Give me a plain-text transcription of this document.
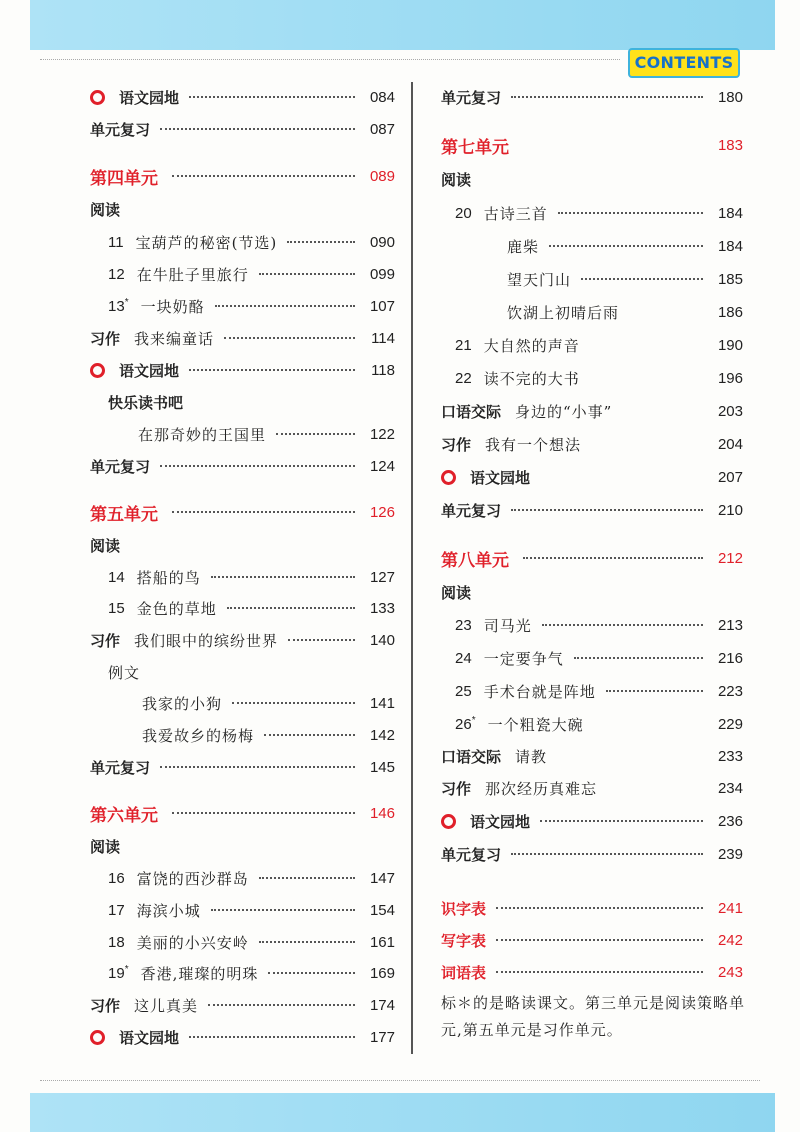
CONTENTS
语文园地	084
单元复习	087
第四单元	089
阅读
11 宝葫芦的秘密(节选)	090
12 在牛肚子里旅行	099
13* 一块奶酪	107
习作 我来编童话	114
语文园地	118
快乐读书吧
在那奇妙的王国里	122
单元复习	124
第五单元	126
阅读
14 搭船的鸟	127
15 金色的草地	133
习作 我们眼中的缤纷世界	140
例文
我家的小狗	141
我爱故乡的杨梅	142
单元复习	145
第六单元	146
阅读
16 富饶的西沙群岛	147
17 海滨小城	154
18 美丽的小兴安岭	161
19* 香港,璀璨的明珠	169
习作 这儿真美	174
语文园地	177
单元复习	180
第七单元	183
阅读
20 古诗三首	184
鹿柴	184
望天门山	185
饮湖上初晴后雨	186
21 大自然的声音	190
22 读不完的大书	196
口语交际 身边的“小事”	203
习作 我有一个想法	204
语文园地	207
单元复习	210
第八单元	212
阅读
23 司马光	213
24 一定要争气	216
25 手术台就是阵地	223
26* 一个粗瓷大碗	229
口语交际 请教	233
习作 那次经历真难忘	234
语文园地	236
单元复习	239
识字表	241
写字表	242
词语表	243
标＊的是略读课文。第三单元是阅读策略单元,第五单元是习作单元。
